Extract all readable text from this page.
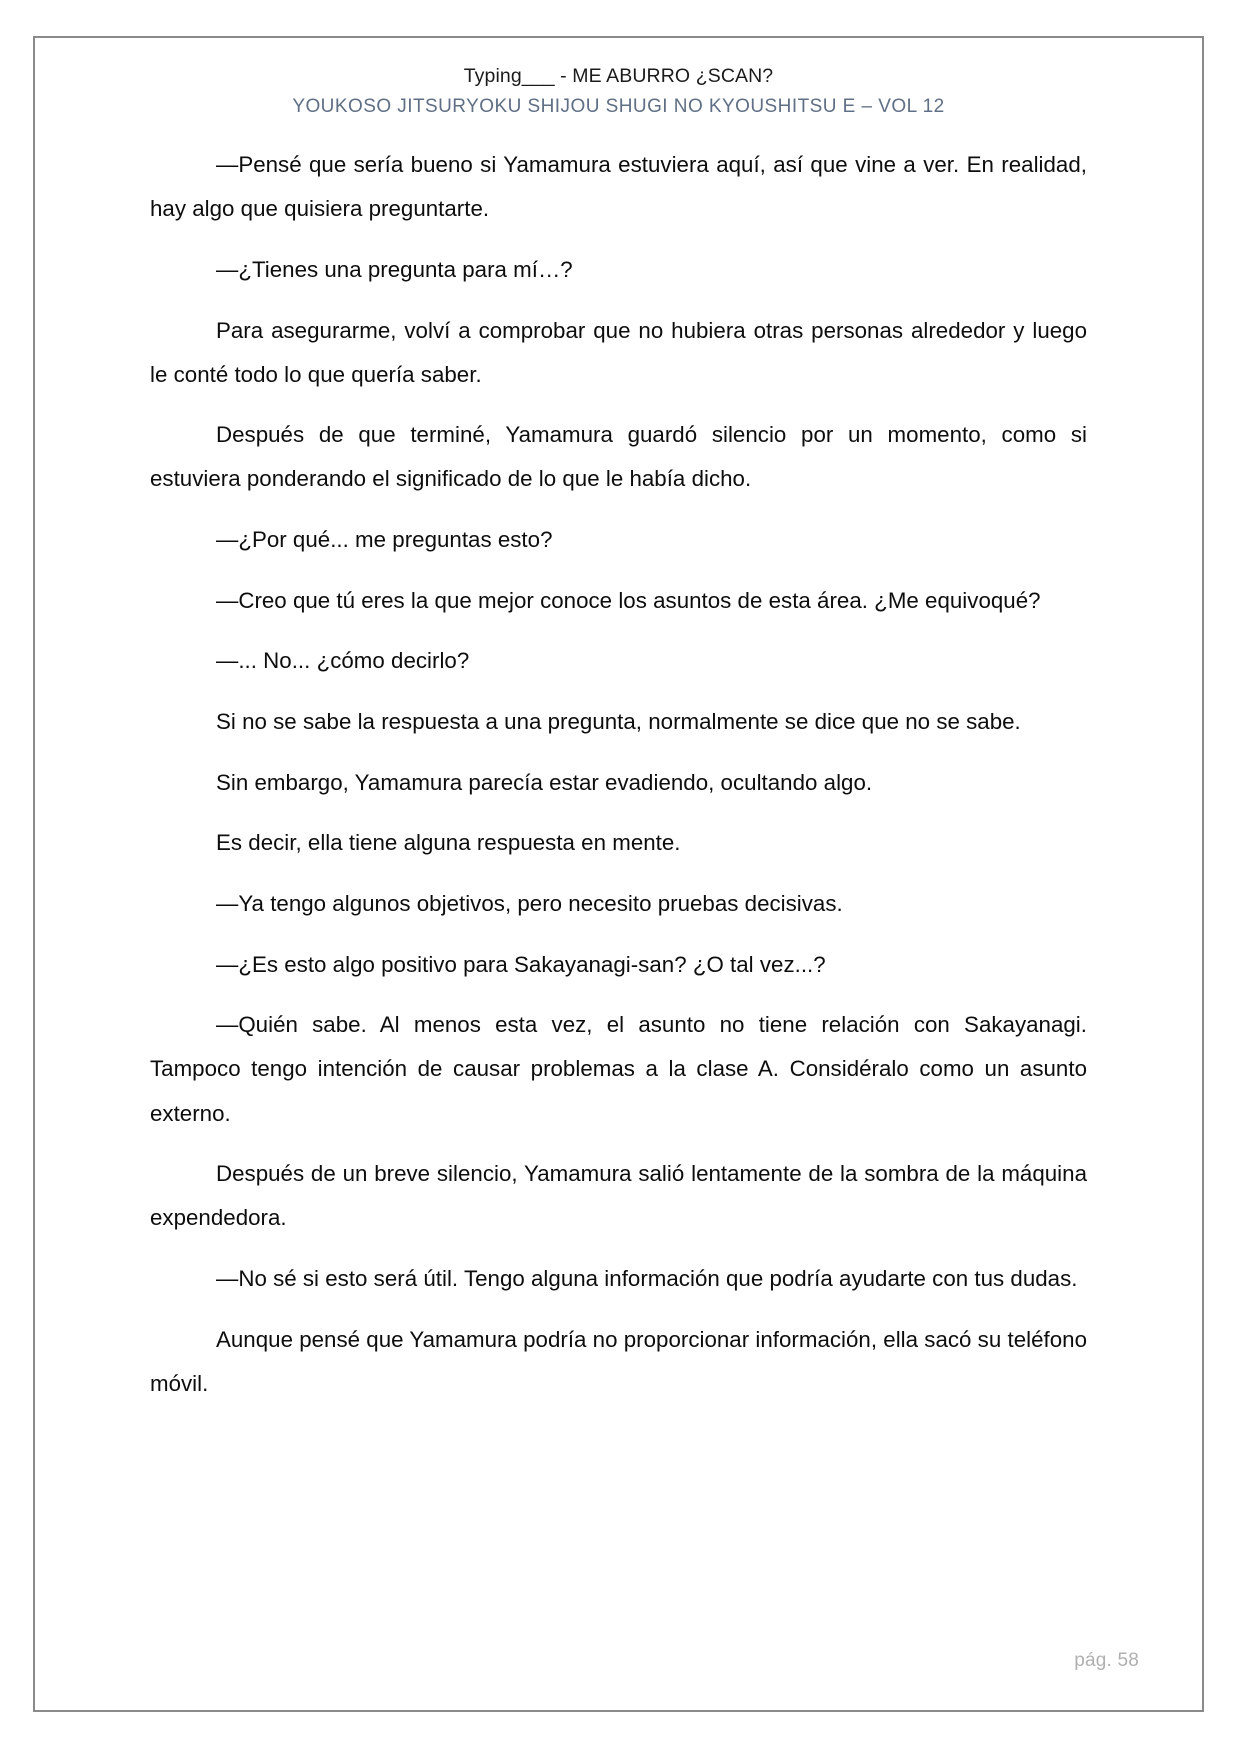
Typing___ - ME ABURRO ¿SCAN?
YOUKOSO JITSURYOKU SHIJOU SHUGI NO KYOUSHITSU E – VOL 12

—Pensé que sería bueno si Yamamura estuviera aquí, así que vine a ver. En realidad, hay algo que quisiera preguntarte.

—¿Tienes una pregunta para mí…?

Para asegurarme, volví a comprobar que no hubiera otras personas alrededor y luego le conté todo lo que quería saber.

Después de que terminé, Yamamura guardó silencio por un momento, como si estuviera ponderando el significado de lo que le había dicho.

—¿Por qué... me preguntas esto?

—Creo que tú eres la que mejor conoce los asuntos de esta área. ¿Me equivoqué?

—... No... ¿cómo decirlo?

Si no se sabe la respuesta a una pregunta, normalmente se dice que no se sabe.

Sin embargo, Yamamura parecía estar evadiendo, ocultando algo.

Es decir, ella tiene alguna respuesta en mente.

—Ya tengo algunos objetivos, pero necesito pruebas decisivas.

—¿Es esto algo positivo para Sakayanagi-san? ¿O tal vez...?

—Quién sabe. Al menos esta vez, el asunto no tiene relación con Sakayanagi. Tampoco tengo intención de causar problemas a la clase A. Considéralo como un asunto externo.

Después de un breve silencio, Yamamura salió lentamente de la sombra de la máquina expendedora.

—No sé si esto será útil. Tengo alguna información que podría ayudarte con tus dudas.

Aunque pensé que Yamamura podría no proporcionar información, ella sacó su teléfono móvil.

pág. 58
